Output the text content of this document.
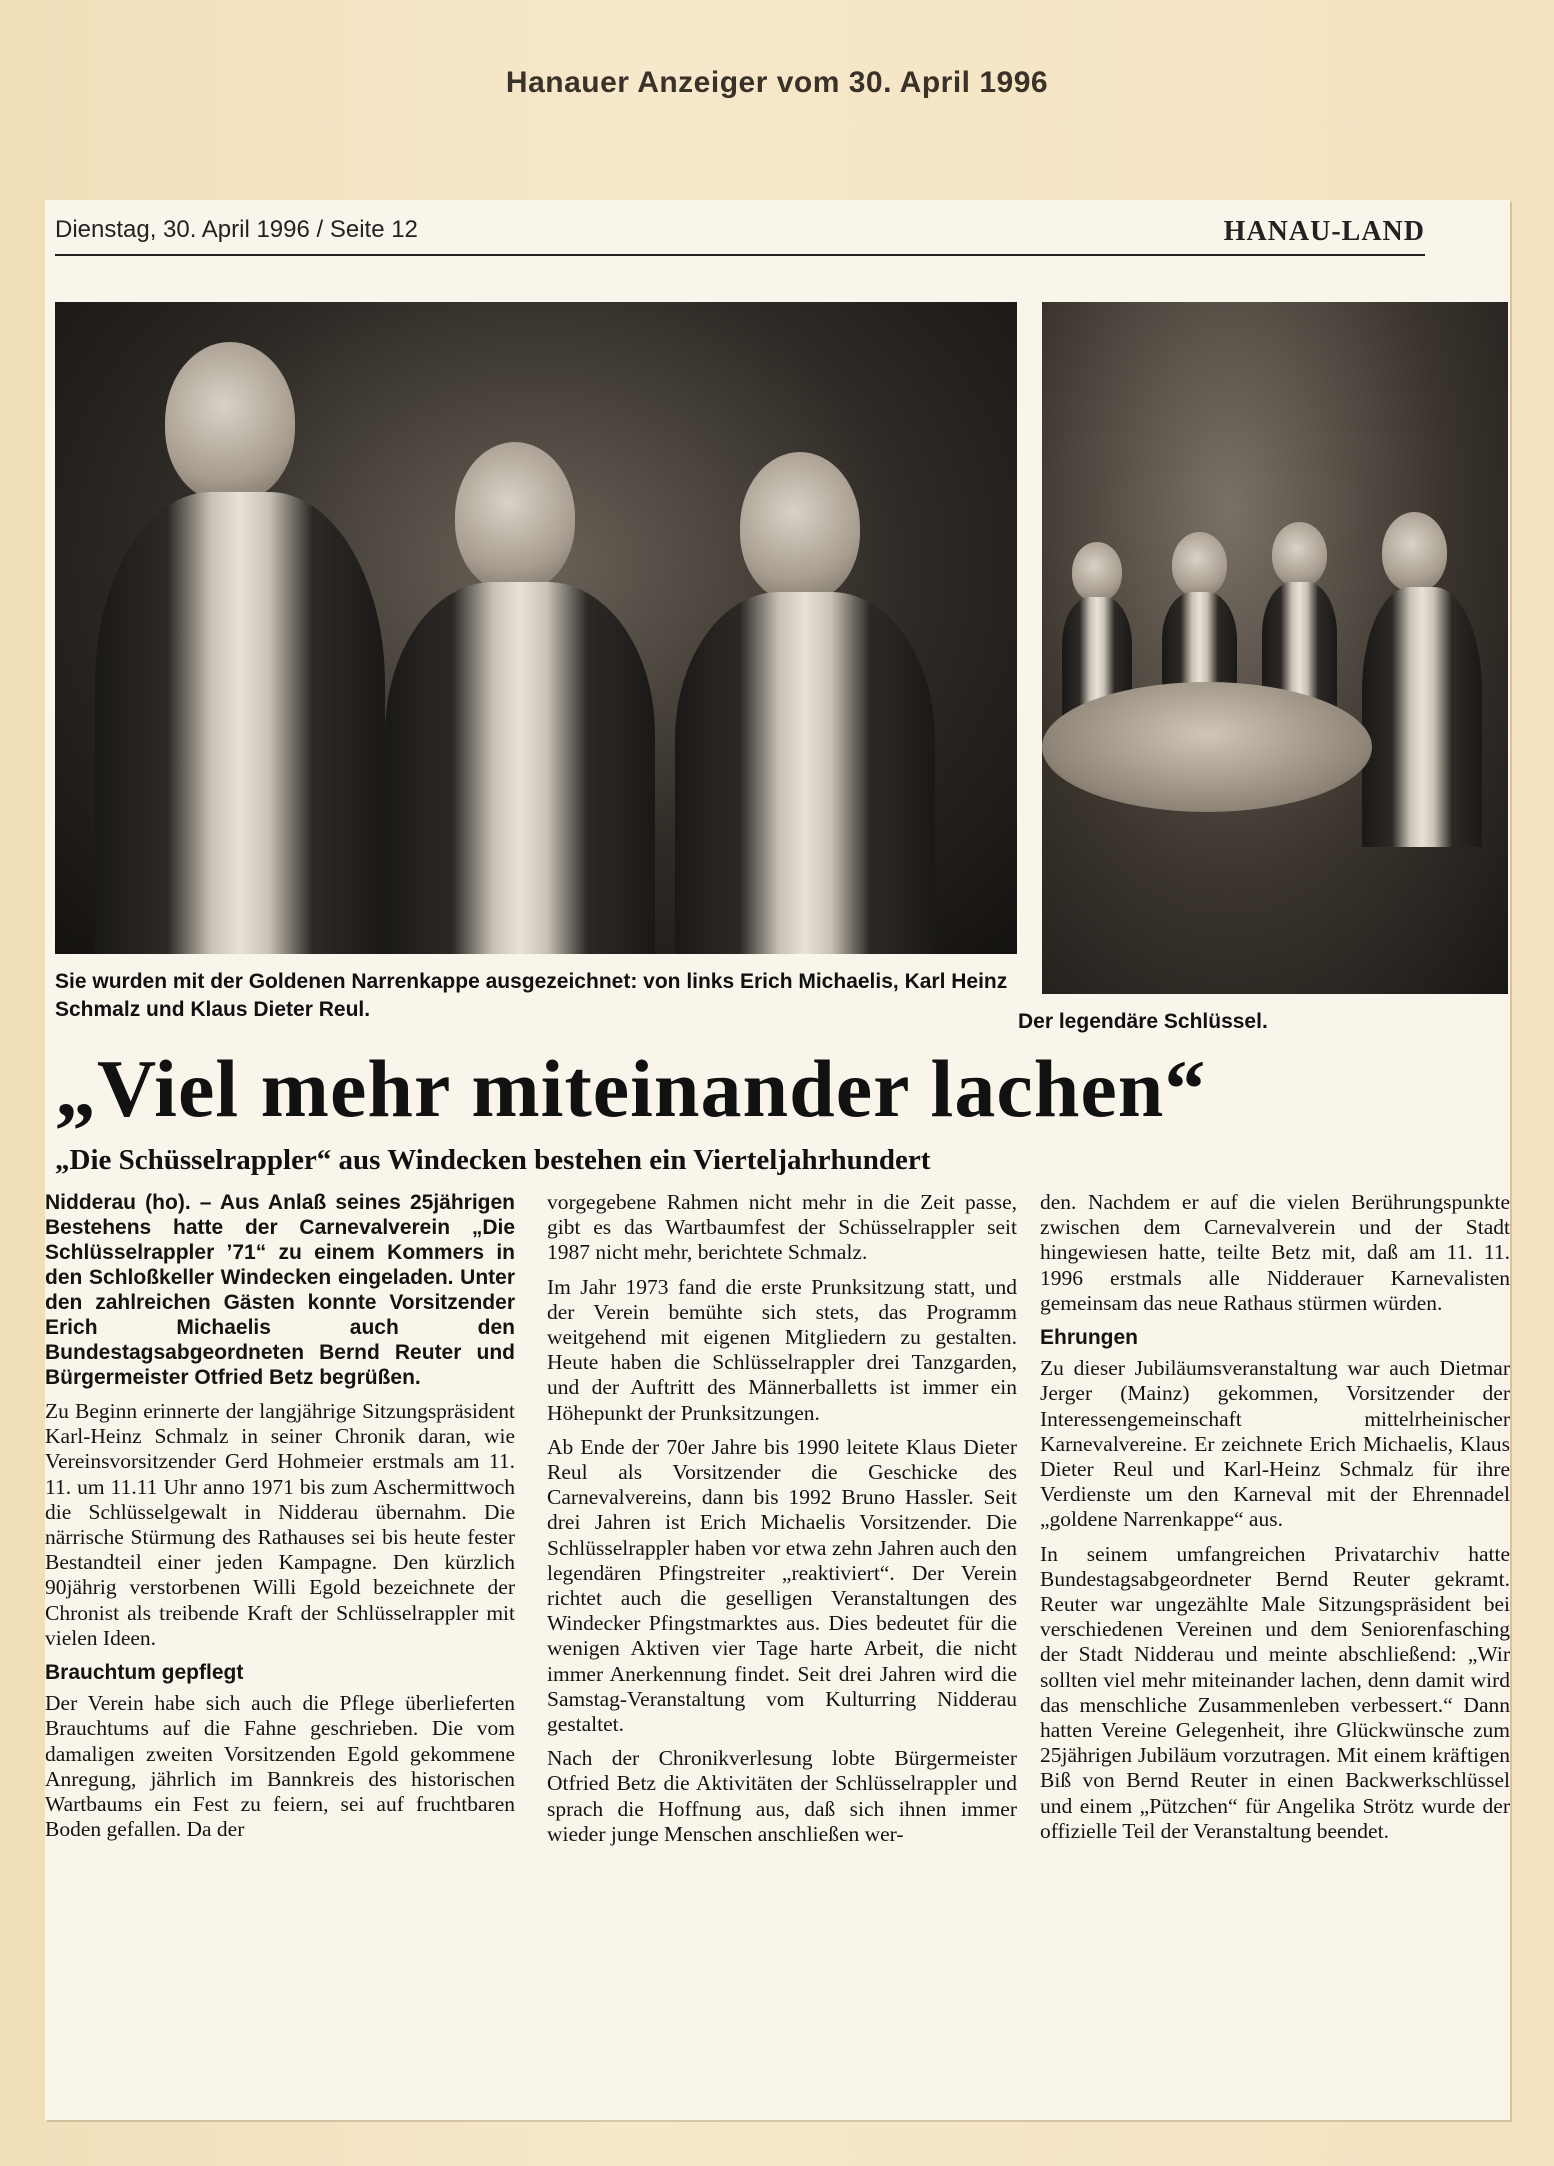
Hanauer Anzeiger vom 30. April 1996
Dienstag, 30. April 1996 / Seite 12	HANAU-LAND
Sie wurden mit der Goldenen Narrenkappe ausgezeichnet: von links Erich Michaelis, Karl Heinz Schmalz und Klaus Dieter Reul.
Der legendäre Schlüssel.
„Viel mehr miteinander lachen“
„Die Schüsselrappler“ aus Windecken bestehen ein Vierteljahrhundert

Nidderau (ho). – Aus Anlaß seines 25jährigen Bestehens hatte der Carnevalverein „Die Schlüsselrappler ’71“ zu einem Kommers in den Schloßkeller Windecken eingeladen. Unter den zahlreichen Gästen konnte Vorsitzender Erich Michaelis auch den Bundestagsabgeordneten Bernd Reuter und Bürgermeister Otfried Betz begrüßen.

Zu Beginn erinnerte der langjährige Sitzungspräsident Karl-Heinz Schmalz in seiner Chronik daran, wie Vereinsvorsitzender Gerd Hohmeier erstmals am 11. 11. um 11.11 Uhr anno 1971 bis zum Aschermittwoch die Schlüsselgewalt in Nidderau übernahm. Die närrische Stürmung des Rathauses sei bis heute fester Bestandteil einer jeden Kampagne. Den kürzlich 90jährig verstorbenen Willi Egold bezeichnete der Chronist als treibende Kraft der Schlüsselrappler mit vielen Ideen.

Brauchtum gepflegt

Der Verein habe sich auch die Pflege überlieferten Brauchtums auf die Fahne geschrieben. Die vom damaligen zweiten Vorsitzenden Egold gekommene Anregung, jährlich im Bannkreis des historischen Wartbaums ein Fest zu feiern, sei auf fruchtbaren Boden gefallen. Da der

vorgegebene Rahmen nicht mehr in die Zeit passe, gibt es das Wartbaumfest der Schüsselrappler seit 1987 nicht mehr, berichtete Schmalz.

Im Jahr 1973 fand die erste Prunksitzung statt, und der Verein bemühte sich stets, das Programm weitgehend mit eigenen Mitgliedern zu gestalten. Heute haben die Schlüsselrappler drei Tanzgarden, und der Auftritt des Männerballetts ist immer ein Höhepunkt der Prunksitzungen.

Ab Ende der 70er Jahre bis 1990 leitete Klaus Dieter Reul als Vorsitzender die Geschicke des Carnevalvereins, dann bis 1992 Bruno Hassler. Seit drei Jahren ist Erich Michaelis Vorsitzender. Die Schlüsselrappler haben vor etwa zehn Jahren auch den legendären Pfingstreiter „reaktiviert“. Der Verein richtet auch die geselligen Veranstaltungen des Windecker Pfingstmarktes aus. Dies bedeutet für die wenigen Aktiven vier Tage harte Arbeit, die nicht immer Anerkennung findet. Seit drei Jahren wird die Samstag-Veranstaltung vom Kulturring Nidderau gestaltet.

Nach der Chronikverlesung lobte Bürgermeister Otfried Betz die Aktivitäten der Schlüsselrappler und sprach die Hoffnung aus, daß sich ihnen immer wieder junge Menschen anschließen wer-

den. Nachdem er auf die vielen Berührungspunkte zwischen dem Carnevalverein und der Stadt hingewiesen hatte, teilte Betz mit, daß am 11. 11. 1996 erstmals alle Nidderauer Karnevalisten gemeinsam das neue Rathaus stürmen würden.

Ehrungen

Zu dieser Jubiläumsveranstaltung war auch Dietmar Jerger (Mainz) gekommen, Vorsitzender der Interessengemeinschaft mittelrheinischer Karnevalvereine. Er zeichnete Erich Michaelis, Klaus Dieter Reul und Karl-Heinz Schmalz für ihre Verdienste um den Karneval mit der Ehrennadel „goldene Narrenkappe“ aus.

In seinem umfangreichen Privatarchiv hatte Bundestagsabgeordneter Bernd Reuter gekramt. Reuter war ungezählte Male Sitzungspräsident bei verschiedenen Vereinen und dem Seniorenfasching der Stadt Nidderau und meinte abschließend: „Wir sollten viel mehr miteinander lachen, denn damit wird das menschliche Zusammenleben verbessert.“ Dann hatten Vereine Gelegenheit, ihre Glückwünsche zum 25jährigen Jubiläum vorzutragen. Mit einem kräftigen Biß von Bernd Reuter in einen Backwerkschlüssel und einem „Pützchen“ für Angelika Strötz wurde der offizielle Teil der Veranstaltung beendet.
